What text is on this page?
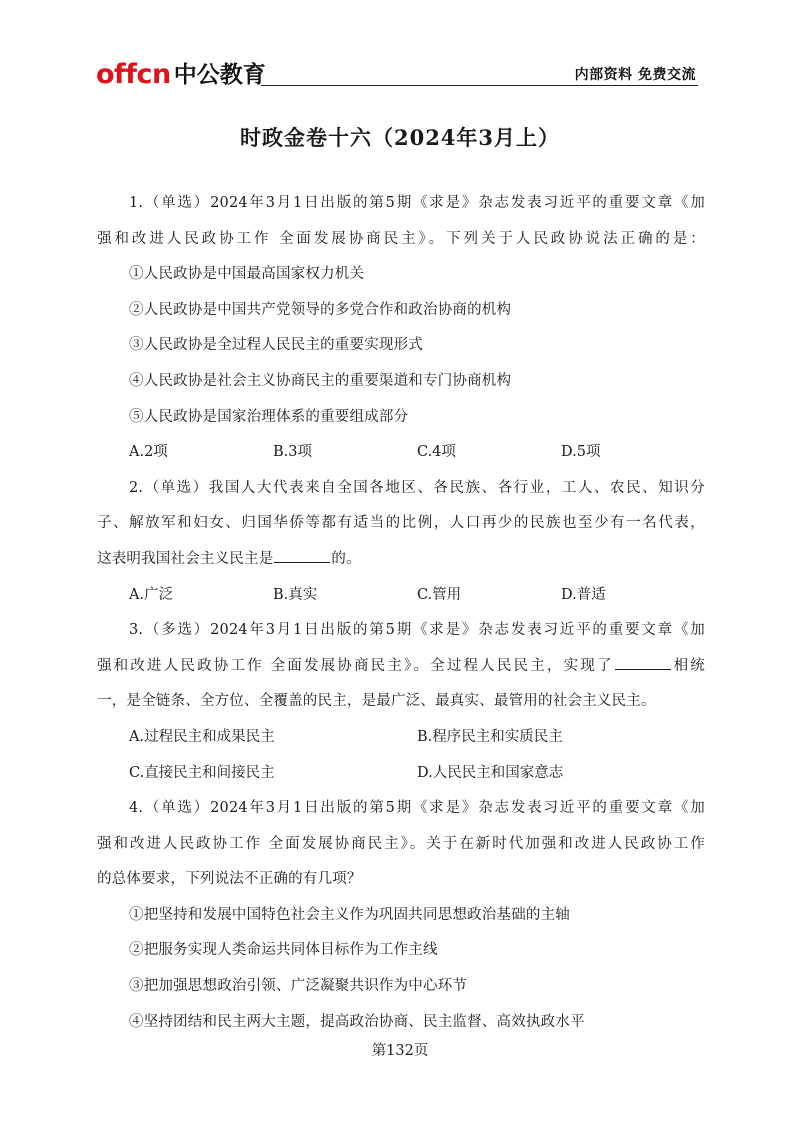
offcn 中公教育	内部资料 免费交流
时政金卷十六（2024年3月上）
1.（单选）2024年3月1日出版的第5期《求是》杂志发表习近平的重要文章《加
强和改进人民政协工作 全面发展协商民主》。下列关于人民政协说法正确的是：
①人民政协是中国最高国家权力机关
②人民政协是中国共产党领导的多党合作和政治协商的机构
③人民政协是全过程人民民主的重要实现形式
④人民政协是社会主义协商民主的重要渠道和专门协商机构
⑤人民政协是国家治理体系的重要组成部分
A.2项	B.3项	C.4项	D.5项
2.（单选）我国人大代表来自全国各地区、各民族、各行业，工人、农民、知识分
子、解放军和妇女、归国华侨等都有适当的比例，人口再少的民族也至少有一名代表，
这表明我国社会主义民主是	的。
A.广泛	B.真实	C.管用	D.普适
3.（多选）2024年3月1日出版的第5期《求是》杂志发表习近平的重要文章《加
强和改进人民政协工作 全面发展协商民主》。全过程人民民主，实现了	相统
一，是全链条、全方位、全覆盖的民主，是最广泛、最真实、最管用的社会主义民主。
A.过程民主和成果民主	B.程序民主和实质民主
C.直接民主和间接民主	D.人民民主和国家意志
4.（单选）2024年3月1日出版的第5期《求是》杂志发表习近平的重要文章《加
强和改进人民政协工作 全面发展协商民主》。关于在新时代加强和改进人民政协工作
的总体要求，下列说法不正确的有几项？
①把坚持和发展中国特色社会主义作为巩固共同思想政治基础的主轴
②把服务实现人类命运共同体目标作为工作主线
③把加强思想政治引领、广泛凝聚共识作为中心环节
④坚持团结和民主两大主题，提高政治协商、民主监督、高效执政水平
第132页
